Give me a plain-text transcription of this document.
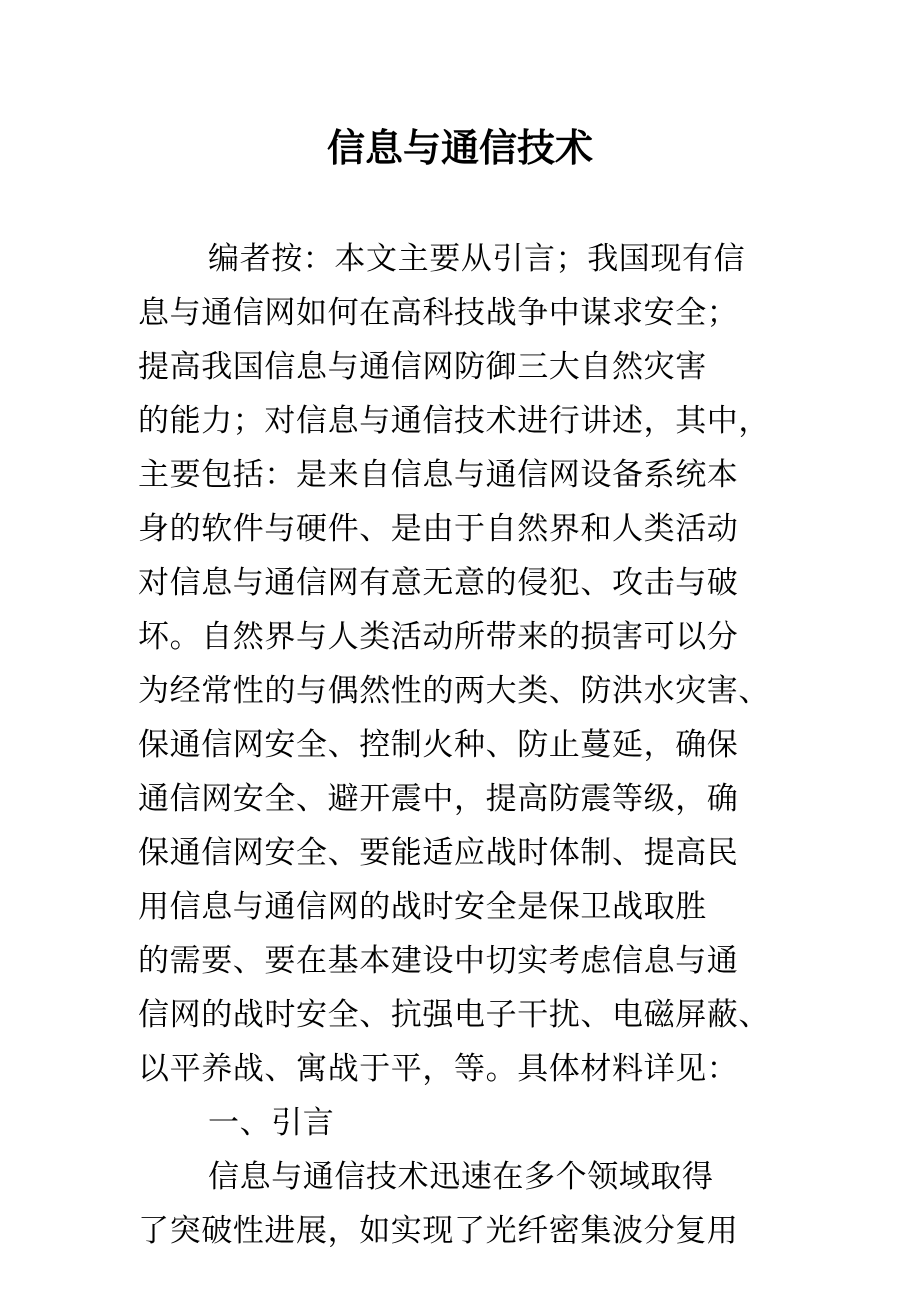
信息与通信技术
编者按：本文主要从引言；我国现有信
息与通信网如何在高科技战争中谋求安全；
提高我国信息与通信网防御三大自然灾害
的能力；对信息与通信技术进行讲述，其中，
主要包括：是来自信息与通信网设备系统本
身的软件与硬件、是由于自然界和人类活动
对信息与通信网有意无意的侵犯、攻击与破
坏。自然界与人类活动所带来的损害可以分
为经常性的与偶然性的两大类、防洪水灾害、
保通信网安全、控制火种、防止蔓延，确保
通信网安全、避开震中，提高防震等级，确
保通信网安全、要能适应战时体制、提高民
用信息与通信网的战时安全是保卫战取胜
的需要、要在基本建设中切实考虑信息与通
信网的战时安全、抗强电子干扰、电磁屏蔽、
以平养战、寓战于平，等。具体材料详见：
一、引言
信息与通信技术迅速在多个领域取得
了突破性进展，如实现了光纤密集波分复用
